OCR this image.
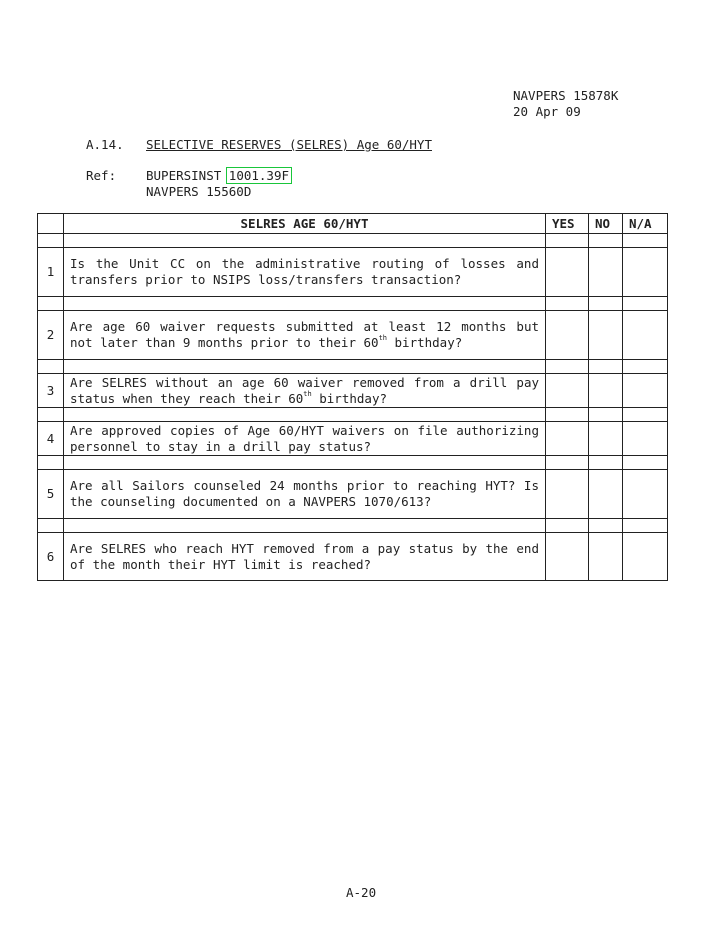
NAVPERS 15878K
20 Apr 09
A.14. SELECTIVE RESERVES (SELRES) Age 60/HYT
Ref: BUPERSINST 1001.39F
NAVPERS 15560D
	SELRES AGE 60/HYT	YES	NO	N/A

1	Is the Unit CC on the administrative routing of losses and transfers prior to NSIPS loss/transfers transaction?			

2	Are age 60 waiver requests submitted at least 12 months but not later than 9 months prior to their 60th birthday?			

3	Are SELRES without an age 60 waiver removed from a drill pay status when they reach their 60th birthday?			

4	Are approved copies of Age 60/HYT waivers on file authorizing personnel to stay in a drill pay status?			

5	Are all Sailors counseled 24 months prior to reaching HYT? Is the counseling documented on a NAVPERS 1070/613?			

6	Are SELRES who reach HYT removed from a pay status by the end of the month their HYT limit is reached?			
A-20
